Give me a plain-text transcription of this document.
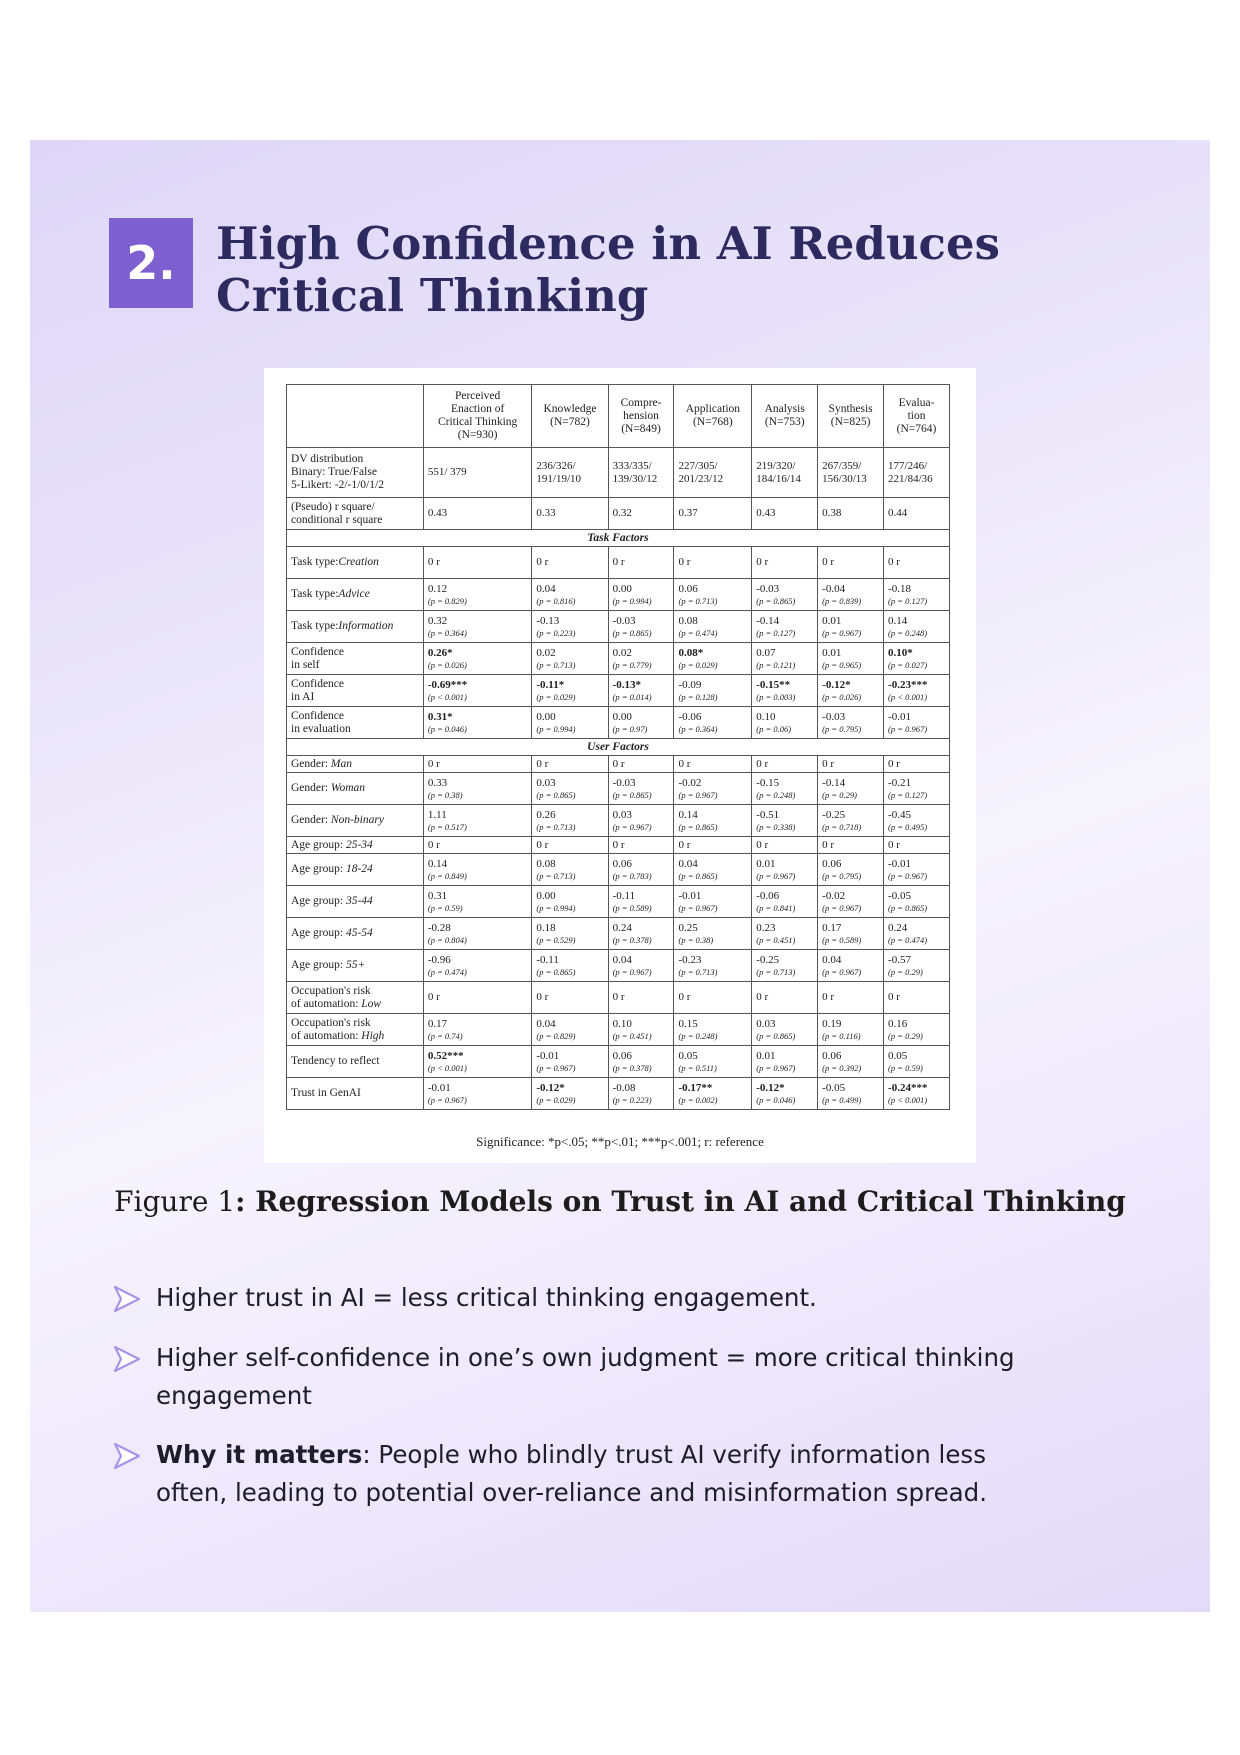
2. High Confidence in AI Reduces
Critical Thinking

	Perceived
Enaction of
Critical Thinking
(N=930)	Knowledge
(N=782)	Compre-
hension
(N=849)	Application
(N=768)	Analysis
(N=753)	Synthesis
(N=825)	Evalua-
tion
(N=764)

DV distribution
Binary: True/False
5-Likert: -2/-1/0/1/2	551/ 379	236/326/
191/19/10	333/335/
139/30/12	227/305/
201/23/12	219/320/
184/16/14	267/359/
156/30/13	177/246/
221/84/36

(Pseudo) r square/
conditional r square	0.43	0.33	0.32	0.37	0.43	0.38	0.44

Task Factors							

Task type:Creation	0 r	0 r	0 r	0 r	0 r	0 r	0 r

Task type:Advice	0.12
(p = 0.829)	0.04
(p = 0.816)	0.00
(p = 0.994)	0.06
(p = 0.713)	-0.03
(p = 0.865)	-0.04
(p = 0.839)	-0.18
(p = 0.127)

Task type:Information	0.32
(p = 0.364)	-0.13
(p = 0.223)	-0.03
(p = 0.865)	0.08
(p = 0.474)	-0.14
(p = 0.127)	0.01
(p = 0.967)	0.14
(p = 0.248)

Confidence
in self	0.26*
(p = 0.026)	0.02
(p = 0.713)	0.02
(p = 0.779)	0.08*
(p = 0.029)	0.07
(p = 0.121)	0.01
(p = 0.965)	0.10*
(p = 0.027)

Confidence
in AI	-0.69***
(p < 0.001)	-0.11*
(p = 0.029)	-0.13*
(p = 0.014)	-0.09
(p = 0.128)	-0.15**
(p = 0.003)	-0.12*
(p = 0.026)	-0.23***
(p < 0.001)

Confidence
in evaluation	0.31*
(p = 0.046)	0.00
(p = 0.994)	0.00
(p = 0.97)	-0.06
(p = 0.364)	0.10
(p = 0.06)	-0.03
(p = 0.795)	-0.01
(p = 0.967)

User Factors							

Gender: Man	0 r	0 r	0 r	0 r	0 r	0 r	0 r

Gender: Woman	0.33
(p = 0.38)	0.03
(p = 0.865)	-0.03
(p = 0.865)	-0.02
(p = 0.967)	-0.15
(p = 0.248)	-0.14
(p = 0.29)	-0.21
(p = 0.127)

Gender: Non-binary	1.11
(p = 0.517)	0.26
(p = 0.713)	0.03
(p = 0.967)	0.14
(p = 0.865)	-0.51
(p = 0.338)	-0.25
(p = 0.718)	-0.45
(p = 0.495)

Age group: 25-34	0 r	0 r	0 r	0 r	0 r	0 r	0 r

Age group: 18-24	0.14
(p = 0.849)	0.08
(p = 0.713)	0.06
(p = 0.783)	0.04
(p = 0.865)	0.01
(p = 0.967)	0.06
(p = 0.795)	-0.01
(p = 0.967)

Age group: 35-44	0.31
(p = 0.59)	0.00
(p = 0.994)	-0.11
(p = 0.589)	-0.01
(p = 0.967)	-0.06
(p = 0.841)	-0.02
(p = 0.967)	-0.05
(p = 0.865)

Age group: 45-54	-0.28
(p = 0.804)	0.18
(p = 0.529)	0.24
(p = 0.378)	0.25
(p = 0.38)	0.23
(p = 0.451)	0.17
(p = 0.589)	0.24
(p = 0.474)

Age group: 55+	-0.96
(p = 0.474)	-0.11
(p = 0.865)	0.04
(p = 0.967)	-0.23
(p = 0.713)	-0.25
(p = 0.713)	0.04
(p = 0.967)	-0.57
(p = 0.29)

Occupation's risk
of automation: Low	0 r	0 r	0 r	0 r	0 r	0 r	0 r

Occupation's risk
of automation: High	0.17
(p = 0.74)	0.04
(p = 0.829)	0.10
(p = 0.451)	0.15
(p = 0.248)	0.03
(p = 0.865)	0.19
(p = 0.116)	0.16
(p = 0.29)

Tendency to reflect	0.52***
(p < 0.001)	-0.01
(p = 0.967)	0.06
(p = 0.378)	0.05
(p = 0.511)	0.01
(p = 0.967)	0.06
(p = 0.392)	0.05
(p = 0.59)

Trust in GenAI	-0.01
(p = 0.967)	-0.12*
(p = 0.029)	-0.08
(p = 0.223)	-0.17**
(p = 0.002)	-0.12*
(p = 0.046)	-0.05
(p = 0.499)	-0.24***
(p < 0.001)
Significance: *p<.05; **p<.01; ***p<.001; r: reference
Figure 1: Regression Models on Trust in AI and Critical Thinking
Higher trust in AI = less critical thinking engagement.
Higher self-confidence in one’s own judgment = more critical thinking
engagement
Why it matters: People who blindly trust AI verify information less
often, leading to potential over-reliance and misinformation spread.
